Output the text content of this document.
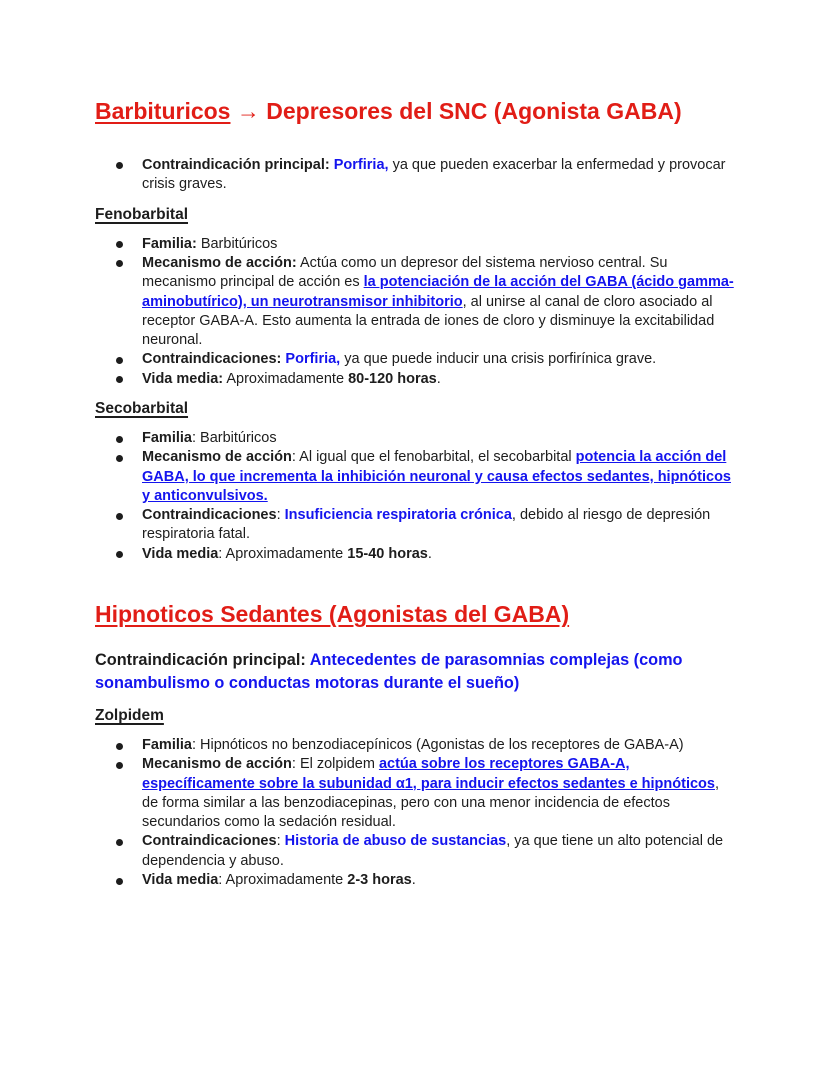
Barbituricos → Depresores del SNC (Agonista GABA)
Contraindicación principal: Porfiria, ya que pueden exacerbar la enfermedad y provocar crisis graves.
Fenobarbital
Familia: Barbitúricos
Mecanismo de acción: Actúa como un depresor del sistema nervioso central. Su mecanismo principal de acción es la potenciación de la acción del GABA (ácido gamma-aminobutírico), un neurotransmisor inhibitorio, al unirse al canal de cloro asociado al receptor GABA-A. Esto aumenta la entrada de iones de cloro y disminuye la excitabilidad neuronal.
Contraindicaciones: Porfiria, ya que puede inducir una crisis porfirínica grave.
Vida media: Aproximadamente 80-120 horas.
Secobarbital
Familia: Barbitúricos
Mecanismo de acción: Al igual que el fenobarbital, el secobarbital potencia la acción del GABA, lo que incrementa la inhibición neuronal y causa efectos sedantes, hipnóticos y anticonvulsivos.
Contraindicaciones: Insuficiencia respiratoria crónica, debido al riesgo de depresión respiratoria fatal.
Vida media: Aproximadamente 15-40 horas.
Hipnoticos Sedantes (Agonistas del GABA)
Contraindicación principal: Antecedentes de parasomnias complejas (como sonambulismo o conductas motoras durante el sueño)
Zolpidem
Familia: Hipnóticos no benzodiacepínicos (Agonistas de los receptores de GABA-A)
Mecanismo de acción: El zolpidem actúa sobre los receptores GABA-A, específicamente sobre la subunidad α1, para inducir efectos sedantes e hipnóticos, de forma similar a las benzodiacepinas, pero con una menor incidencia de efectos secundarios como la sedación residual.
Contraindicaciones: Historia de abuso de sustancias, ya que tiene un alto potencial de dependencia y abuso.
Vida media: Aproximadamente 2-3 horas.
